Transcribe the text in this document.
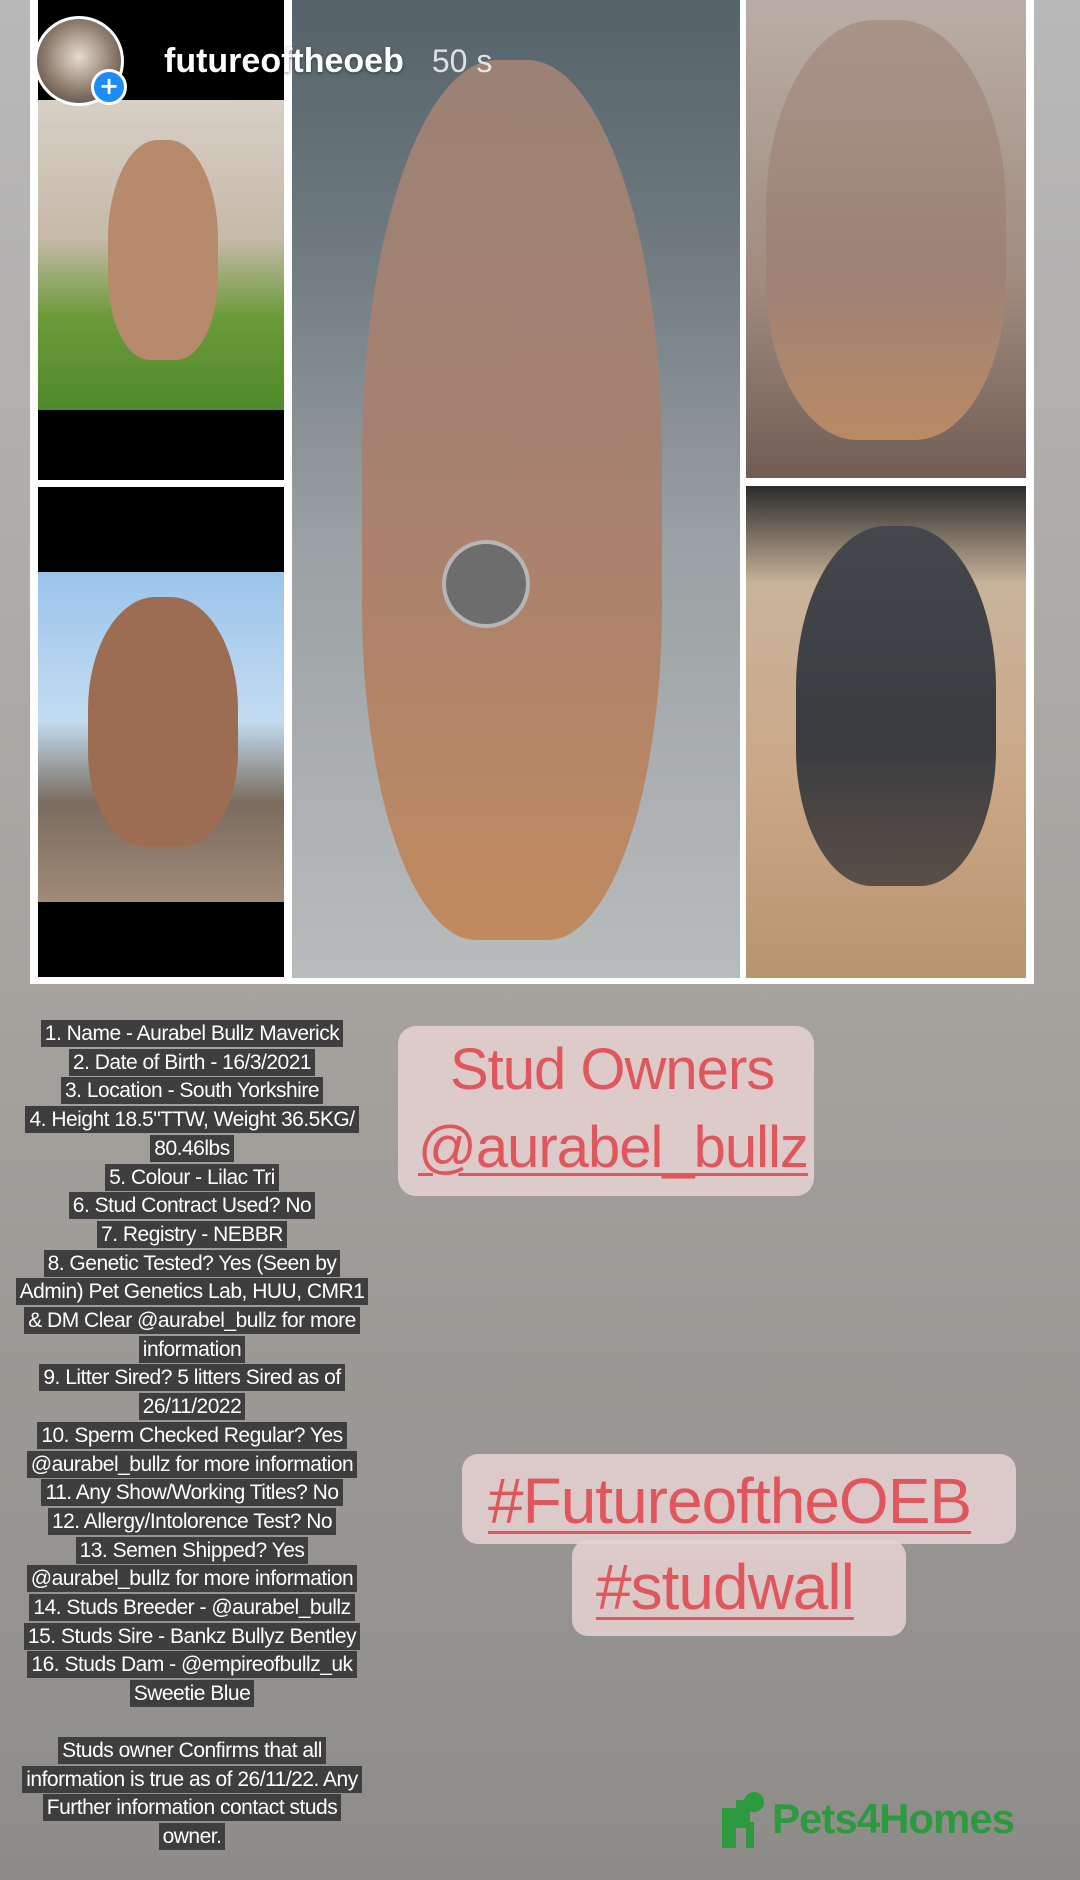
+
futureoftheoeb 50 s
1. Name - Aurabel Bullz Maverick
2. Date of Birth - 16/3/2021
3. Location - South Yorkshire
4. Height 18.5"TTW, Weight 36.5KG/
80.46lbs
5. Colour - Lilac Tri
6. Stud Contract Used? No
7. Registry - NEBBR
8. Genetic Tested? Yes (Seen by
Admin) Pet Genetics Lab, HUU, CMR1
& DM Clear @aurabel_bullz for more
information
9. Litter Sired? 5 litters Sired as of
26/11/2022
10. Sperm Checked Regular? Yes
@aurabel_bullz for more information
11. Any Show/Working Titles? No
12. Allergy/Intolorence Test? No
13. Semen Shipped? Yes
@aurabel_bullz for more information
14. Studs Breeder - @aurabel_bullz
15. Studs Sire - Bankz Bullyz Bentley
16. Studs Dam - @empireofbullz_uk
Sweetie Blue
Studs owner Confirms that all
information is true as of 26/11/22. Any
Further information contact studs
owner.
Stud Owners
@aurabel_bullz
#FutureoftheOEB
#studwall
Pets4Homes
